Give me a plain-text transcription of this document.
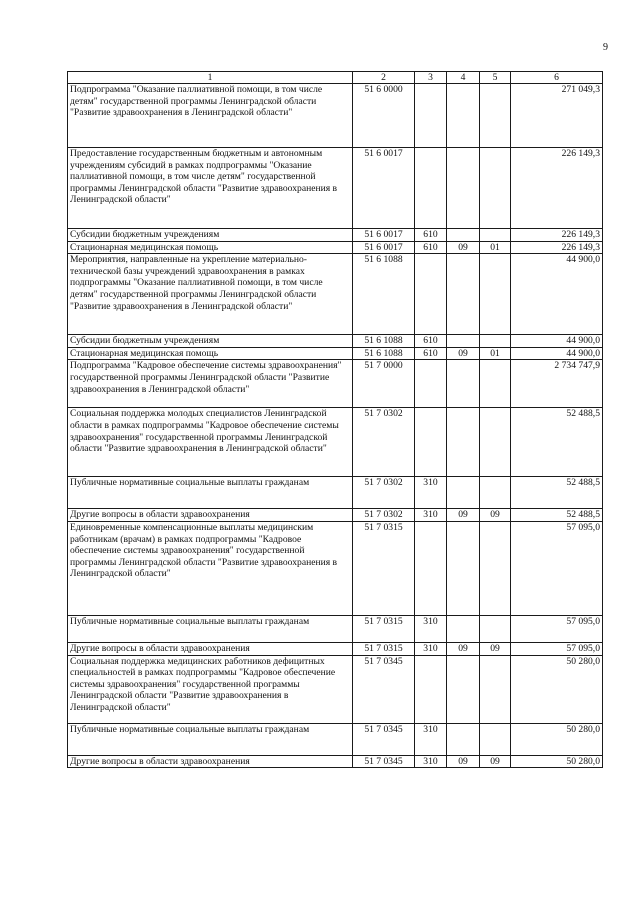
9
1	2	3	4	5	6
Подпрограмма "Оказание паллиативной помощи, в том числе детям" государственной программы Ленинградской области "Развитие здравоохранения в Ленинградской области"	51 6 0000				271 049,3
Предоставление государственным бюджетным и автономным учреждениям субсидий в рамках подпрограммы "Оказание паллиативной помощи, в том числе детям" государственной программы Ленинградской области "Развитие здравоохранения в Ленинградской области"	51 6 0017				226 149,3
Субсидии бюджетным учреждениям	51 6 0017	610			226 149,3
Стационарная медицинская помощь	51 6 0017	610	09	01	226 149,3
Мероприятия, направленные на укрепление материально-технической базы учреждений здравоохранения в рамках подпрограммы "Оказание паллиативной помощи, в том числе детям" государственной программы Ленинградской области "Развитие здравоохранения в Ленинградской области"	51 6 1088				44 900,0
Субсидии бюджетным учреждениям	51 6 1088	610			44 900,0
Стационарная медицинская помощь	51 6 1088	610	09	01	44 900,0
Подпрограмма "Кадровое обеспечение системы здравоохранения" государственной программы Ленинградской области "Развитие здравоохранения в Ленинградской области"	51 7 0000				2 734 747,9
Социальная поддержка молодых специалистов Ленинградской области в рамках подпрограммы "Кадровое обеспечение системы здравоохранения" государственной программы Ленинградской области "Развитие здравоохранения в Ленинградской области"	51 7 0302				52 488,5
Публичные нормативные социальные выплаты гражданам	51 7 0302	310			52 488,5
Другие вопросы в области здравоохранения	51 7 0302	310	09	09	52 488,5
Единовременные компенсационные выплаты медицинским работникам (врачам) в рамках подпрограммы "Кадровое обеспечение системы здравоохранения" государственной программы Ленинградской области "Развитие здравоохранения в Ленинградской области"	51 7 0315				57 095,0
Публичные нормативные социальные выплаты гражданам	51 7 0315	310			57 095,0
Другие вопросы в области здравоохранения	51 7 0315	310	09	09	57 095,0
Социальная поддержка медицинских работников дефицитных специальностей в рамках подпрограммы "Кадровое обеспечение системы здравоохранения" государственной программы Ленинградской области "Развитие здравоохранения в Ленинградской области"	51 7 0345				50 280,0
Публичные нормативные социальные выплаты гражданам	51 7 0345	310			50 280,0
Другие вопросы в области здравоохранения	51 7 0345	310	09	09	50 280,0
